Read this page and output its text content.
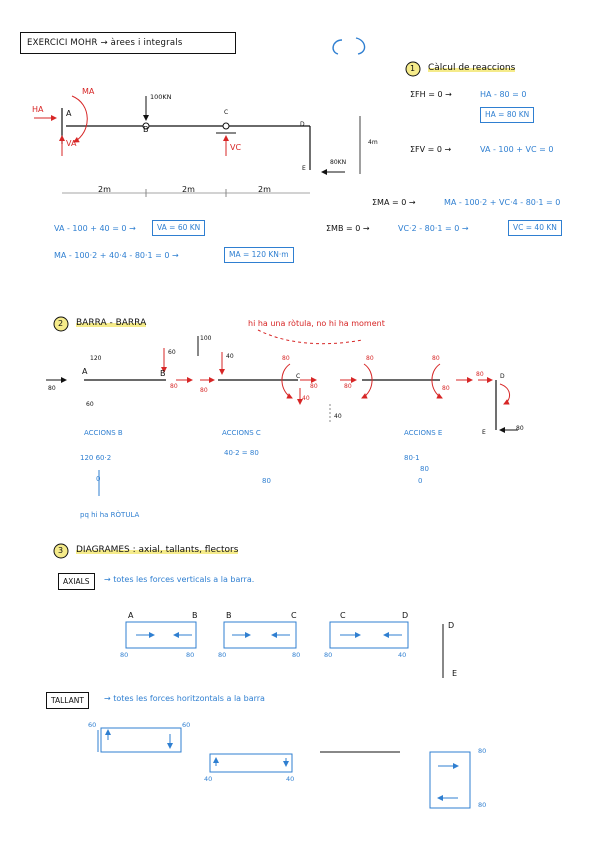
EXERCICI MOHR → àrees i integrals
1 Càlcul de reaccions
HA
MA
A
VA
100KN
B
C
VC
D
E
80KN
4m
2m	2m	2m
ΣFH = 0 →	HA - 80 = 0
HA = 80 KN
ΣFV = 0 →	VA - 100 + VC = 0
ΣMA = 0 →	MA - 100·2 + VC·4 - 80·1 = 0
ΣMB = 0 →	VC·2 - 80·1 = 0 →	VC = 40 KN
VA - 100 + 40 = 0 →	VA = 60 KN
MA - 100·2 + 40·4 - 80·1 = 0 →	MA = 120 KN·m
2 BARRA - BARRA	hi ha una ròtula, no hi ha moment
120
60
A
80
60
B
80
40
80
100
80
C
40
80
80
80
40
80
80
D
80
E
80
ACCIONS B
120 60·2
0
ACCIONS C
40·2 = 80
80
ACCIONS E
80·1
80
0
pq hi ha RÒTULA
3 DIAGRAMES : axial, tallants, flectors
AXIALS	→ totes les forces verticals a la barra.
A	B	B	C	C	D
D
E
80	80	80	80	80	40
TALLANT	→ totes les forces horitzontals a la barra
60	60
40	40
80
80
